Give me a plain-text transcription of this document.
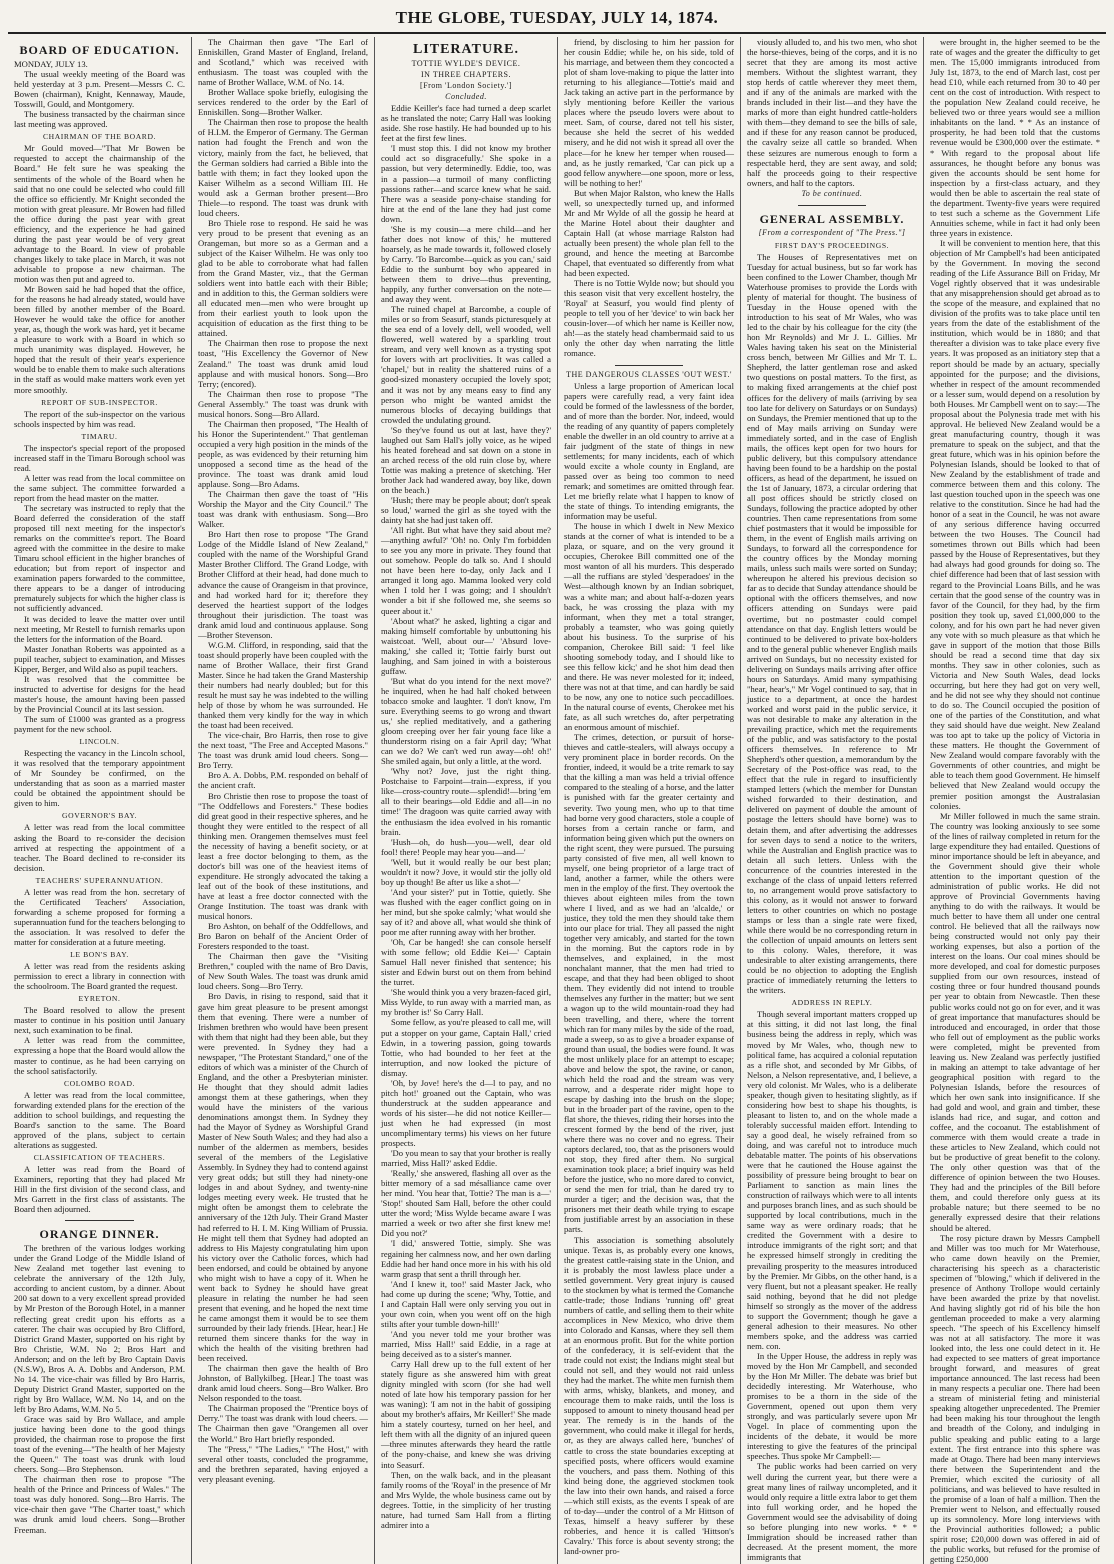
THE GLOBE, TUESDAY, JULY 14, 1874.
BOARD OF EDUCATION.
MONDAY, JULY 13.

The usual weekly meeting of the Board was held yesterday at 3 p.m. Present—Messrs C. C. Bowen (chairman), Knight, Kennaway, Maude, Tosswill, Gould, and Montgomery.

The business transacted by the chairman since last meeting was approved.

CHAIRMAN OF THE BOARD.

Mr Gould moved—"That Mr Bowen be requested to accept the chairmanship of the Board." He felt sure he was speaking the sentiments of the whole of the Board when he said that no one could be selected who could fill the office so efficiently. Mr Knight seconded the motion with great pleasure. Mr Bowen had filled the office during the past year with great efficiency, and the experience he had gained during the past year would be of very great advantage to the Board. In view of probable changes likely to take place in March, it was not advisable to propose a new chairman. The motion was then put and agreed to.

Mr Bowen said he had hoped that the office, for the reasons he had already stated, would have been filled by another member of the Board. However he would take the office for another year, as, though the work was hard, yet it became a pleasure to work with a Board in which so much unanimity was displayed. However, he hoped that the result of their year's experience would be to enable them to make such alterations in the staff as would make matters work even yet more smoothly.

REPORT OF SUB-INSPECTOR.

The report of the sub-inspector on the various schools inspected by him was read.

TIMARU.

The inspector's special report of the proposed increased staff in the Timaru Borough school was read.

A letter was read from the local committee on the same subject. The committee forwarded a report from the head master on the matter.

The secretary was instructed to reply that the Board deferred the consideration of the staff proposed till next meeting for the inspector's remarks on the committee's report. The Board agreed with the committee in the desire to make Timaru school efficient in the higher branches of education; but from report of inspector and examination papers forwarded to the committee, there appears to be a danger of introducing prematurely subjects for which the higher class is not sufficiently advanced.

It was decided to leave the matter over until next meeting, Mr Restell to furnish remarks upon the letters for the information of the Board.

Master Jonathan Roberts was appointed as a pupil teacher, subject to examination, and Misses Kipper, Berger, and Wild also as pupil teachers.

It was resolved that the committee be instructed to advertise for designs for the head master's house, the amount having been passed by the Provincial Council at its last session.

The sum of £1000 was granted as a progress payment for the new school.

LINCOLN.

Respecting the vacancy in the Lincoln school, it was resolved that the temporary appointment of Mr Soundey be confirmed, on the understanding that as soon as a married master could be obtained the appointment should be given to him.

GOVERNOR'S BAY.

A letter was read from the local committee asking the Board to re-consider the decision arrived at respecting the appointment of a teacher. The Board declined to re-consider its decision.

TEACHERS' SUPERANNUATION.

A letter was read from the hon. secretary of the Certificated Teachers' Association, forwarding a scheme proposed for forming a superannuation fund for the teachers belonging to the association. It was resolved to defer the matter for consideration at a future meeting.

LE BON'S BAY.

A letter was read from the residents asking permission to erect a library in connection with the schoolroom. The Board granted the request.

EYRETON.

The Board resolved to allow the present master to continue in his position until January next, such examination to be final.

A letter was read from the committee, expressing a hope that the Board would allow the master to continue, as he had been carrying on the school satisfactorily.

COLOMBO ROAD.

A letter was read from the local committee, forwarding extended plans for the erection of the addition to school buildings, and requesting the Board's sanction to the same. The Board approved of the plans, subject to certain alterations as suggested.

CLASSIFICATION OF TEACHERS.

A letter was read from the Board of Examiners, reporting that they had placed Mr Hill in the first division of the second class, and Mrs Garrett in the first class of assistants. The Board then adjourned.

ORANGE DINNER.

The brethren of the various lodges working under the Grand Lodge of the Middle Island of New Zealand met together last evening to celebrate the anniversary of the 12th July, according to ancient custom, by a dinner. About 200 sat down to a very excellent spread provided by Mr Preston of the Borough Hotel, in a manner reflecting great credit upon his efforts as a caterer. The chair was occupied by Bro Clifford, District Grand Master, supported on his right by Bro Christie, W.M. No 2; Bros Hart and Anderson; and on the left by Bro Captain Davis (N.S.W), Bros A. A. Dobbs and Anderson, P.M. No 14. The vice-chair was filled by Bro Harris, Deputy District Grand Master, supported on the right by Bro Wallace, W.M. No 14, and on the left by Bro Adams, W.M. No 5.

Grace was said by Bro Wallace, and ample justice having been done to the good things provided, the chairman rose to propose the first toast of the evening—"The health of her Majesty the Queen." The toast was drunk with loud cheers. Song—Bro Stephenson.

The chairman then rose to propose "The health of the Prince and Princess of Wales." The toast was duly honored. Song—Bro Harris. The vice-chair then gave "The Charter toast," which was drunk amid loud cheers. Song—Brother Freeman.

The Chairman then gave "The Earl of Enniskillen, Grand Master of England, Ireland, and Scotland," which was received with enthusiasm. The toast was coupled with the name of Brother Wallace, W.M. of No. 14.

Brother Wallace spoke briefly, eulogising the services rendered to the order by the Earl of Enniskillen. Song—Brother Walker.

The Chairman then rose to propose the health of H.I.M. the Emperor of Germany. The German nation had fought the French and won the victory, mainly from the fact, he believed, that the German soldiers had carried a Bible into the battle with them; in fact they looked upon the Kaiser Wilhelm as a second William III. He would ask a German brother present—Bro Thiele—to respond. The toast was drunk with loud cheers.

Bro Thiele rose to respond. He said he was very proud to be present that evening as an Orangeman, but more so as a German and a subject of the Kaiser Wilhelm. He was only too glad to be able to corroborate what had fallen from the Grand Master, viz., that the German soldiers went into battle each with their Bible; and in addition to this, the German soldiers were all educated men—men who were brought up from their earliest youth to look upon the acquisition of education as the first thing to be attained.

The Chairman then rose to propose the next toast, "His Excellency the Governor of New Zealand." The toast was drunk amid loud applause and with musical honors. Song—Bro Terry; (encored).

The Chairman then rose to propose "The General Assembly." The toast was drunk with musical honors. Song—Bro Allard.

The Chairman then proposed, "The Health of his Honor the Superintendent." That gentleman occupied a very high position in the minds of the people, as was evidenced by their returning him unopposed a second time as the head of the province. The toast was drank amid loud applause. Song—Bro Adams.

The Chairman then gave the toast of "His Worship the Mayor and the City Council." The toast was drank with enthusiasm. Song—Bro Walker.

Bro Hart then rose to propose "The Grand Lodge of the Middle Island of New Zealand," coupled with the name of the Worshipful Grand Master Brother Clifford. The Grand Lodge, with Brother Clifford at their head, had done much to advance the cause of Orangeism in that province, and had worked hard for it; therefore they deserved the heartiest support of the lodges throughout their jurisdiction. The toast was drank amid loud and continuous applause. Song—Brother Stevenson.

W.G.M. Clifford, in responding, said that the toast should properly have been coupled with the name of Brother Wallace, their first Grand Master. Since he had taken the Grand Mastership their numbers had nearly doubled; but for this result he must say he was indebted to the willing help of those by whom he was surrounded. He thanked them very kindly for the way in which the toast had been received.

The vice-chair, Bro Harris, then rose to give the next toast, "The Free and Accepted Masons." The toast was drunk amid loud cheers. Song—Bro Terry.

Bro A. A. Dobbs, P.M. responded on behalf of the ancient craft.

Bro Christie then rose to propose the toast of "The Oddfellows and Foresters." These bodies did great good in their respective spheres, and he thought they were entitled to the respect of all thinking men. Orangemen themselves must feel the necessity of having a benefit society, or at least a free doctor belonging to them, as the doctor's bill was one of the heaviest items of expenditure. He strongly advocated the taking a leaf out of the book of these institutions, and have at least a free doctor connected with the Orange Institution. The toast was drank with musical honors.

Bro Ashton, on behalf of the Oddfellows, and Bro Baron on behalf of the Ancient Order of Foresters responded to the toast.

The Chairman then gave the "Visiting Brethren," coupled with the name of Bro Davis, of New South Wales. The toast was drunk amid loud cheers. Song—Bro Terry.

Bro Davis, in rising to respond, said that it gave him great pleasure to be present amongst them that evening. There were a number of Irishmen brethren who would have been present with them that night had they been able, but they were prevented. In Sydney they had a newspaper, "The Protestant Standard," one of the editors of which was a minister of the Church of England, and the other a Presbyterian minister. He thought that they should admit ladies amongst them at these gatherings, when they would have the ministers of the various denominations amongst them. In Sydney they had the Mayor of Sydney as Worshipful Grand Master of New South Wales; and they had also a number of the aldermen as members, besides several of the members of the Legislative Assembly. In Sydney they had to contend against very great odds; but still they had ninety-one lodges in and about Sydney, and twenty-nine lodges meeting every week. He trusted that he might often be amongst them to celebrate the anniversary of the 12th July. Their Grand Master had referred to H. I. M. King William of Prussia. He might tell them that Sydney had adopted an address to His Majesty congratulating him upon his victory over the Catholic forces, which had been endorsed, and could be obtained by anyone who might wish to have a copy of it. When he went back to Sydney he should have great pleasure in relating the number he had seen present that evening, and he hoped the next time he came amongst them it would be to see them surrounded by their lady friends. [Hear, hear.] He returned them sincere thanks for the way in which the health of the visiting brethren had been received.

The chairman then gave the health of Bro Johnston, of Ballykilbeg. [Hear.] The toast was drank amid loud cheers. Song—Bro Walker. Bro Nelson responded to the toast.

The Chairman proposed the "Prentice boys of Derry." The toast was drank with loud cheers. —The Chairman then gave "Orangemen all over the World." Bro Hart briefly responded.

The "Press," "The Ladies," "The Host," with several other toasts, concluded the programme, and the brethren separated, having enjoyed a very pleasant evening.

LITERATURE.
TOTTIE WYLDE'S DEVICE.
IN THREE CHAPTERS.
[From 'London Society.']
Concluded.

Eddie Keiller's face had turned a deep scarlet as he translated the note; Carry Hall was looking aside. She rose hastily. He had bounded up to his feet at the first few lines.

'I must stop this. I did not know my brother could act so disgracefully.' She spoke in a passion, but very determinedly. Eddie, too, was in a passion—a turmoil of many conflicting passions rather—and scarce knew what he said. There was a seaside pony-chaise standing for hire at the end of the lane they had just come down.

'She is my cousin—a mere child—and her father does not know of this,' he muttered hoarsely, as he made towards it, followed closely by Carry. 'To Barcombe—quick as you can,' said Eddie to the sunburnt boy who appeared in between them to drive—thus preventing, happily, any further conversation on the note—and away they went.

The ruined chapel at Barcombe, a couple of miles or so from Seasurf, stands picturesquely at the sea end of a lovely dell, well wooded, well flowered, well watered by a sparkling trout stream, and very well known as a trysting spot for lovers with art proclivities. It was called a 'chapel,' but in reality the shattered ruins of a good-sized monastery occupied the lovely spot; and it was not by any means easy to find any person who might be wanted amidst the numerous blocks of decaying buildings that crowded the undulating ground.

'So they've found us out at last, have they?' laughed out Sam Hall's jolly voice, as he wiped his heated forehead and sat down on a stone in an arched recess of the old ruin close by, where Tottie was making a pretence of sketching. 'Her brother Jack had wandered away, boy like, down on the beach.)

'Hush; there may be people about; don't speak so loud,' warned the girl as she toyed with the dainty hat she had just taken off.

'All right. But what have they said about me?—anything awful?' 'Oh! no. Only I'm forbidden to see you any more in private. They found that out somehow. People do talk so. And I should not have been here to-day, only Jack and I arranged it long ago. Mamma looked very cold when I told her I was going; and I shouldn't wonder a bit if she followed me, she seems so queer about it.'

'About what?' he asked, lighting a cigar and making himself comfortable by unbuttoning his waistcoat. 'Well, about our—' 'Absurd love-making,' she called it; Tottie fairly burst out laughing, and Sam joined in with a boisterous guffaw.

'But what do you intend for the next move?' he inquired, when he had half choked between tobacco smoke and laughter. 'I don't know, I'm sure. Everything seems to go wrong and thwart us,' she replied meditatively, and a gathering gloom creeping over her fair young face like a thunderstorm rising on a fair April day; 'What can we do? We can't wed run away—oh! oh!' She smiled again, but only a little, at the word.

'Why not? Jove, just the right thing. Postchaise to Farpoint—train—express, if you like—cross-country route—splendid!—bring 'em all to their bearings—old Eddie and all—in no time!' The dragoon was quite carried away with the enthusiasm the idea evolved in his romantic brain.

'Hush—oh, do hush—you—well, dear old fool! there! People may hear you—and—'

'Well, but it would really be our best plan; wouldn't it now? Jove, it would stir the jolly old boy up though! Be after us like a shot—'

'And your sister?' put in Tottie, quietly. She was flushed with the eager conflict going on in her mind, but she spoke calmly; 'what would she say of it? and above all, what would she think of poor me after running away with her brother.

'Oh, Car be hanged! she can console herself with some fellow; old Eddie Kei—' Captain Samuel Hall never finished that sentence; his sister and Edwin burst out on them from behind the turret.

'She would think you a very brazen-faced girl, Miss Wylde, to run away with a married man, as my brother is!' So Carry Hall.

Some fellow, as you're pleased to call me, will put a stopper on your game, Captain Hall,' cried Edwin, in a towering passion, going towards Tottie, who had bounded to her feet at the interruption, and now looked the picture of dismay.

'Oh, by Jove! here's the d—l to pay, and no pitch hot!' groaned out the Captain, who was thunderstruck at the sudden appearance and words of his sister—he did not notice Keiller—just when he had expressed (in most uncomplimentary terms) his views on her future prospects.

'Do you mean to say that your brother is really married, Miss Hall?' asked Eddie.

'Really,' she answered, flashing all over as the bitter memory of a sad mésalliance came over her mind. 'You hear that, Tottie? The man is a—' 'Stop!' shouted Sam Hall, before the other could utter the word; 'Miss Wylde became aware I was married a week or two after she first knew me! Did you not?'

'I did,' answered Tottie, simply. She was regaining her calmness now, and her own darling Eddie had her hand once more in his with his old warm grasp that sent a thrill through her.

'And I knew it, too!' said Master Jack, who had come up during the scene; 'Why, Tottie, and I and Captain Hall were only serving you out in your own coin, when you went off on the high stilts after your tumble down-hill!'

'And you never told me your brother was married, Miss Hall!' said Eddie, in a rage at being deceived as to a sister's manner.

Carry Hall drew up to the full extent of her stately figure as she answered him with great dignity mingled with scorn (for she had well noted of late how his temporary passion for her was waning): 'I am not in the habit of gossiping about my brother's affairs, Mr Keiller!' She made him a stately courtesy, turned on her heel, and left them with all the dignity of an injured queen—three minutes afterwards they heard the rattle of the pony-chaise, and knew she was driving into Seasurf.

Then, on the walk back, and in the pleasant family rooms of the 'Royal' in the presence of Mr and Mrs Wylde, the whole business came out by degrees. Tottie, in the simplicity of her trusting nature, had turned Sam Hall from a flirting admirer into a

friend, by disclosing to him her passion for her cousin Eddie; while he, on his side, told of his marriage, and between them they concocted a plot of sham love-making to pique the latter into returning to his allegiance—Tottie's maid and Jack taking an active part in the performance by slyly mentioning before Keiller the various places where the pseudo lovers were about to meet. Sam, of course, dared not tell his sister, because she held the secret of his wedded misery, and he did not wish it spread all over the place—for he knew her temper when roused—and, as he justly remarked, 'Car can pick up a good fellow anywhere—one spoon, more or less, will be nothing to her!'

But when Major Ralston, who knew the Halls well, so unexpectedly turned up, and informed Mr and Mr Wylde of all the gossip he heard at the Marine Hotel about their daughter and Captain Hall (at whose marriage Ralston had actually been present) the whole plan fell to the ground, and hence the meeting at Barcombe Chapel, that eventuated so differently from what had been expected.

There is no Tottie Wylde now; but should you this season visit that very excellent hostelry, the 'Royal' at Seasurf, you would find plenty of people to tell you of her 'device' to win back her cousin-lover—of which her name is Keiller now, ah!—as the stately head chambermaid said to us only the other day when narrating the little romance.

THE DANGEROUS CLASSES 'OUT WEST.'

Unless a large proportion of American local papers were carefully read, a very faint idea could be formed of the lawlessness of the border, and of more than the border. Nor, indeed, would the reading of any quantity of papers completely enable the dweller in an old country to arrive at a fair judgment of the state of things in new settlements; for many incidents, each of which would excite a whole county in England, are passed over as being too common to need remark; and sometimes are omitted through fear. Let me briefly relate what I happen to know of the state of things. To intending emigrants, the information may be useful.

The house in which I dwelt in New Mexico stands at the corner of what is intended to be a plaza, or square, and on the very ground it occupies, Cherokee Bill committed one of the most wanton of all his murders. This desperado—all the ruffians are styled 'desperadoes' in the West—although known by an Indian sobriquet, was a white man; and about half-a-dozen years back, he was crossing the plaza with my informant, when they met a total stranger, probably a teamster, who was going quietly about his business. To the surprise of his companion, Cherokee Bill said: 'I feel like shooting somebody today, and I should like to see this fellow kick;' and he shot him dead then and there. He was never molested for it; indeed, there was not at that time, and can hardly be said to be now, any one to notice such peccadilloes. In the natural course of events, Cherokee met his fate, as all such wretches do, after perpetrating an enormous amount of mischief.

The crimes, detection, or pursuit of horse-thieves and cattle-stealers, will always occupy a very prominent place in border records. On the frontier, indeed, it would be a trite remark to say that the killing a man was held a trivial offence compared to the stealing of a horse, and the latter is punished with far the greater certainty and severity. Two young men, who up to that time had borne very good characters, stole a couple of horses from a certain ranche or farm, and information being given which put the owners on the right scent, they were pursued. The pursuing party consisted of five men, all well known to myself, one being proprietor of a large tract of land, another a farmer, while the others were men in the employ of the first. They overtook the thieves about eighteen miles from the town where I lived, and as we had an 'alcalde,' or justice, they told the men they should take them into our place for trial. They all passed the night together very amicably, and started for the town in the morning. But the captors rode in by themselves, and explained, in the most nonchalant manner, that the men had tried to escape, and that they had been obliged to shoot them. They evidently did not intend to trouble themselves any further in the matter; but we sent a wagon up to the wild mountain-road they had been travelling, and there, where the torrent which ran for many miles by the side of the road, made a sweep, so as to give a broader expanse of ground than usual, the bodies were found. It was the most unlikely place for an attempt to escape; above and below the spot, the ravine, or canon, which held the road and the stream was very narrow, and a desperate rider might hope to escape by dashing into the brush on the slope; but in the broader part of the ravine, open to the flat shore, the thieves, riding their horses into the crescent formed by the bend of the river, just where there was no cover and no egress. Their captors declared, too, that as the prisoners would not stop, they fired after them. No surgical examination took place; a brief inquiry was held before the justice, who no more dared to convict, or send the men for trial, than he dared try to murder a tiger; and the decision was, that the prisoners met their death while trying to escape from justifiable arrest by an association in these parts.

This association is something absolutely unique. Texas is, as probably every one knows, the greatest cattle-raising state in the Union, and it is probably the most lawless place under a settled government. Very great injury is caused to the stockmen by what is termed the Comanche cattle-trade; those Indians 'running off' great numbers of cattle, and selling them to their white accomplices in New Mexico, who drive them into Colorado and Kansas, where they sell them at an enormous profit. But for the white portion of the confederacy, it is self-evident that the trade could not exist; the Indians might steal but could not sell, and they would not raid unless they had the market. The white men furnish them with arms, whisky, blankets, and money, and encourage them to make raids, until the loss is supposed to amount to ninety thousand head per year. The remedy is in the hands of the government, who could make it illegal for herds, or, as they are always called here, 'bunches' of cattle to cross the state boundaries excepting at specified posts, where officers would examine the vouchers, and pass them. Nothing of this kind being done, the aggrieved stockmen took the law into their own hands, and raised a force—which still exists, as the events I speak of are of to-day—under the control of a Mr Hittson of Texas, himself a heavy sufferer by these robberies, and hence it is called 'Hittson's Cavalry.' This force is about seventy strong; the land-owner pro-

viously alluded to, and his two men, who shot the horse-thieves, being of the corps, and it is no secret that they are among its most active members. Without the slightest warrant, they stop herds of cattle wherever they meet them, and if any of the animals are marked with the brands included in their list—and they have the marks of more than eight hundred cattle-holders with them—they demand to see the bills of sale, and if these for any reason cannot be produced, the cavalry seize all cattle so branded. When these seizures are numerous enough to form a respectable herd, they are sent away, and sold; half the proceeds going to their respective owners, and half to the captors.

To be continued.
GENERAL ASSEMBLY.
[From a correspondent of "The Press."]
FIRST DAY'S PROCEEDINGS.

The Houses of Representatives met on Tuesday for actual business, but so far work has been confined to the Lower Chamber, though Mr Waterhouse promises to provide the Lords with plenty of material for thought. The business of Tuesday in the House opened with the introduction to his seat of Mr Wales, who was led to the chair by his colleague for the city (the hon Mr Reynolds) and Mr J. L. Gillies. Mr Wales having taken his seat on the Ministerial cross bench, between Mr Gillies and Mr T. L. Shepherd, the latter gentleman rose and asked two questions on postal matters. To the first, as to making fixed arrangements at the chief post offices for the delivery of mails (arriving by sea too late for delivery on Saturdays or on Sundays) on Sundays, the Premier mentioned that up to the end of May mails arriving on Sunday were immediately sorted, and in the case of English mails, the offices kept open for two hours for public delivery, but this compulsory attendance having been found to be a hardship on the postal officers, as head of the department, he issued on the 1st of January, 1873, a circular ordering that all post offices should be strictly closed on Sundays, following the practice adopted by other countries. Then came representations from some chief postmasters that it would be impossible for them, in the event of English mails arriving on Sundays, to forward all the correspondence for the country offices by the Monday morning mails, unless such mails were sorted on Sunday; whereupon he altered his previous decision so far as to decide that Sunday attendance should be optional with the officers themselves, and now officers attending on Sundays were paid overtime, but no postmaster could compel attendance on that day. English letters would be continued to be delivered to private box-holders and to the general public whenever English mails arrived on Sundays, but no necessity existed for delivering on Sundays mails arriving after office hours on Saturdays. Amid many sympathising "hear, hear's," Mr Vogel continued to say, that in justice to a department, at once the hardest worked and worst paid in the public service, it was not desirable to make any alteration in the prevailing practice, which met the requirements of the public, and was satisfactory to the postal officers themselves. In reference to Mr Shepherd's other question, a memorandum by the Secretary of the Post-office was read, to the effect that the rule in regard to insufficiently stamped letters (which the member for Dunstan wished forwarded to their destination, and delivered on payment of double the amount of postage the letters should have borne) was to detain them, and after advertising the addresses for seven days to send a notice to the writers, while the Australian and English practice was to detain all such letters. Unless with the concurrence of the countries interested in the exchange of the class of unpaid letters referred to, no arrangement would prove satisfactory to this colony, as it would not answer to forward letters to other countries on which no postage stamps or less than a single rate were fixed, while there would be no corresponding return in the collection of unpaid amounts on letters sent to this colony. Wales, therefore, it was undesirable to alter existing arrangements, there could be no objection to adopting the English practice of immediately returning the letters to the writers.

ADDRESS IN REPLY.

Though several important matters cropped up at this sitting, it did not last long, the final business being the address in reply, which was moved by Mr Wales, who, though new to political fame, has acquired a colonial reputation as a rifle shot, and seconded by Mr Gibbs, of Nelson, a Nelson representative, and, I believe, a very old colonist. Mr Wales, who is a deliberate speaker, though given to hesitating slightly, as if considering how best to shape his thoughts, is pleasant to listen to, and on the whole made a tolerably successful maiden effort. Intending to say a good deal, he wisely refrained from so doing, and was careful not to introduce much debatable matter. The points of his observations were that he cautioned the House against the possibility of pressure being brought to bear on Parliament to sanction as main lines the construction of railways which were to all intents and purposes branch lines, and as such should be supported by local contributions, much in the same way as were ordinary roads; that he credited the Government with a desire to introduce immigrants of the right sort; and that he expressed himself strongly in crediting the prevailing prosperity to the measures introduced by the Premier. Mr Gibbs, on the other hand, is a very fluent, but not a pleasant speaker. He really said nothing, beyond that he did not pledge himself so strongly as the mover of the address to support the Government; though he gave a general adhesion to their measures. No other members spoke, and the address was carried nem. con.

In the Upper House, the address in reply was moved by the Hon Mr Campbell, and seconded by the Hon Mr Miller. The debate was brief but decidedly interesting. Mr Waterhouse, who promises to be a thorn in the side of the Government, opened out upon them very strongly, and was particularly severe upon Mr Vogel. In place of commenting upon the incidents of the debate, it would be more interesting to give the features of the principal speeches. Thus spoke Mr Campbell:—

The public works had been carried on very well during the current year, but there were a great many lines of railway uncompleted, and it would only require a little extra labor to get them into full working order, and he hoped the Government would see the advisability of doing so before plunging into new works. * * * Immigration should be increased rather than decreased. At the present moment, the more immigrants that

were brought in, the higher seemed to be the rate of wages and the greater the difficulty to get men. The 15,000 immigrants introduced from July 1st, 1873, to the end of March last, cost per head £10, while each returned from 30 to 40 per cent on the cost of introduction. With respect to the population New Zealand could receive, he believed two or three years would see a million inhabitants on the land. * * As an instance of prosperity, he had been told that the customs revenue would be £300,000 over the estimate. * * With regard to the proposal about life assurances, he thought before any bonus was given the accounts should be sent home for inspection by a first-class actuary, and they would then be able to ascertain the real state of the department. Twenty-five years were required to test such a scheme as the Government Life Annuities scheme, while in fact it had only been three years in existence.

It will be convenient to mention here, that this objection of Mr Campbell's had been anticipated by the Government. In moving the second reading of the Life Assurance Bill on Friday, Mr Vogel rightly observed that it was undesirable that any misapprehension should get abroad as to the scope of the measure, and explained that no division of the profits was to take place until ten years from the date of the establishment of the institution, which would be in 1880; and that thereafter a division was to take place every five years. It was proposed as an initiatory step that a report should be made by an actuary, specially appointed for the purpose; and the divisions, whether in respect of the amount recommended or a lesser sum, would depend on a resolution by both Houses. Mr Campbell went on to say:—The proposal about the Polynesia trade met with his approval. He believed New Zealand would be a great manufacturing country, though it was premature to speak on the subject, and that the great future, which was in his opinion before the Polynesian Islands, should be looked to that of New Zealand by the establishment of trade and commerce between them and this colony. The last question touched upon in the speech was one relative to the constitution. Since he had had the honor of a seat in the Council, he was not aware of any serious difference having occurred between the two Houses. The Council had sometimes thrown out Bills which had been passed by the House of Representatives, but they had always had good grounds for doing so. The chief difference had been that of last session with regard to the Provincial Loans Bills, and he was certain that the good sense of the country was in favor of the Council, for they had, by the firm position they took up, saved £1,000,000 to the colony, and for his own part he had never given any vote with so much pleasure as that which he gave in support of the motion that those Bills should be read a second time that day six months. They saw in other colonies, such as Victoria and New South Wales, dead locks occurring, but here they had got on very well, and he did not see why they should not continue to do so. The Council occupied the position of one of the parties of the Constitution, and what they said should have due weight. New Zealand was too apt to take up the policy of Victoria in these matters. He thought the Government of New Zealand would compare favorably with the Governments of other countries, and might be able to teach them good Government. He himself believed that New Zealand would occupy the premier position amongst the Australasian colonies.

Mr Miller followed in much the same strain. The country was looking anxiously to see some of the lines of railway completed in return for the large expenditure they had entailed. Questions of minor importance should be left in abeyance, and the Government should give their whole attention to the important question of the administration of public works. He did not approve of Provincial Governments having anything to do with the railways. It would be much better to have them all under one central control. He believed that all the railways now being constructed would not only pay their working expenses, but also a portion of the interest on the loans. Our coal mines should be more developed, and coal for domestic purposes supplied from our own resources, instead of costing three or four hundred thousand pounds per year to obtain from Newcastle. Then these public works could not go on for ever, and it was of great importance that manufactures should be introduced and encouraged, in order that those who fell out of employment as the public works were completed, might be prevented from leaving us. New Zealand was perfectly justified in making an attempt to take advantage of her geographical position with regard to the Polynesian Islands, before the resources of which her own sank into insignificance. If she had gold and wool, and grain and timber, these islands had rice, and sugar, and cotton and coffee, and the cocoanut. The establishment of commerce with them would create a trade in these articles to New Zealand, which could not but be productive of great benefit to the colony. The only other question was that of the difference of opinion between the two Houses. They had and the principles of the Bill before them, and could therefore only guess at its probable nature; but there seemed to be no generally expressed desire that their relations should be altered.

The rosy picture drawn by Messrs Campbell and Miller was too much for Mr Waterhouse, who came down heavily on the Premier, characterising his speech as a characteristic specimen of "blowing," which if delivered in the presence of Anthony Trollope would certainly have been awarded the prize by that novelist. And having slightly got rid of his bile the hon gentleman proceeded to make a very alarming speech. "The speech of his Excellency himself was not at all satisfactory. The more it was looked into, the less one could detect in it. He had expected to see matters of great importance brought forward, and measures of great importance announced. The last recess had been in many respects a peculiar one. There had been a stream of ministerial feting and ministerial speaking altogether unprecedented. The Premier had been making his tour throughout the length and breadth of the Colony, and indulging in public speaking and public eating to a large extent. The first entrance into this sphere was made at Otago. There had been many interviews there between the Superintendent and the Premier, which excited the curiosity of all politicians, and was believed to have resulted in the promise of a loan of half a million. Then the Premier went to Nelson, and effectually roused up its somnolency. More long interviews with the Provincial authorities followed; a public spirit rose; £20,000 down was offered in aid of the public works, but refused for the promise of getting £250,000
